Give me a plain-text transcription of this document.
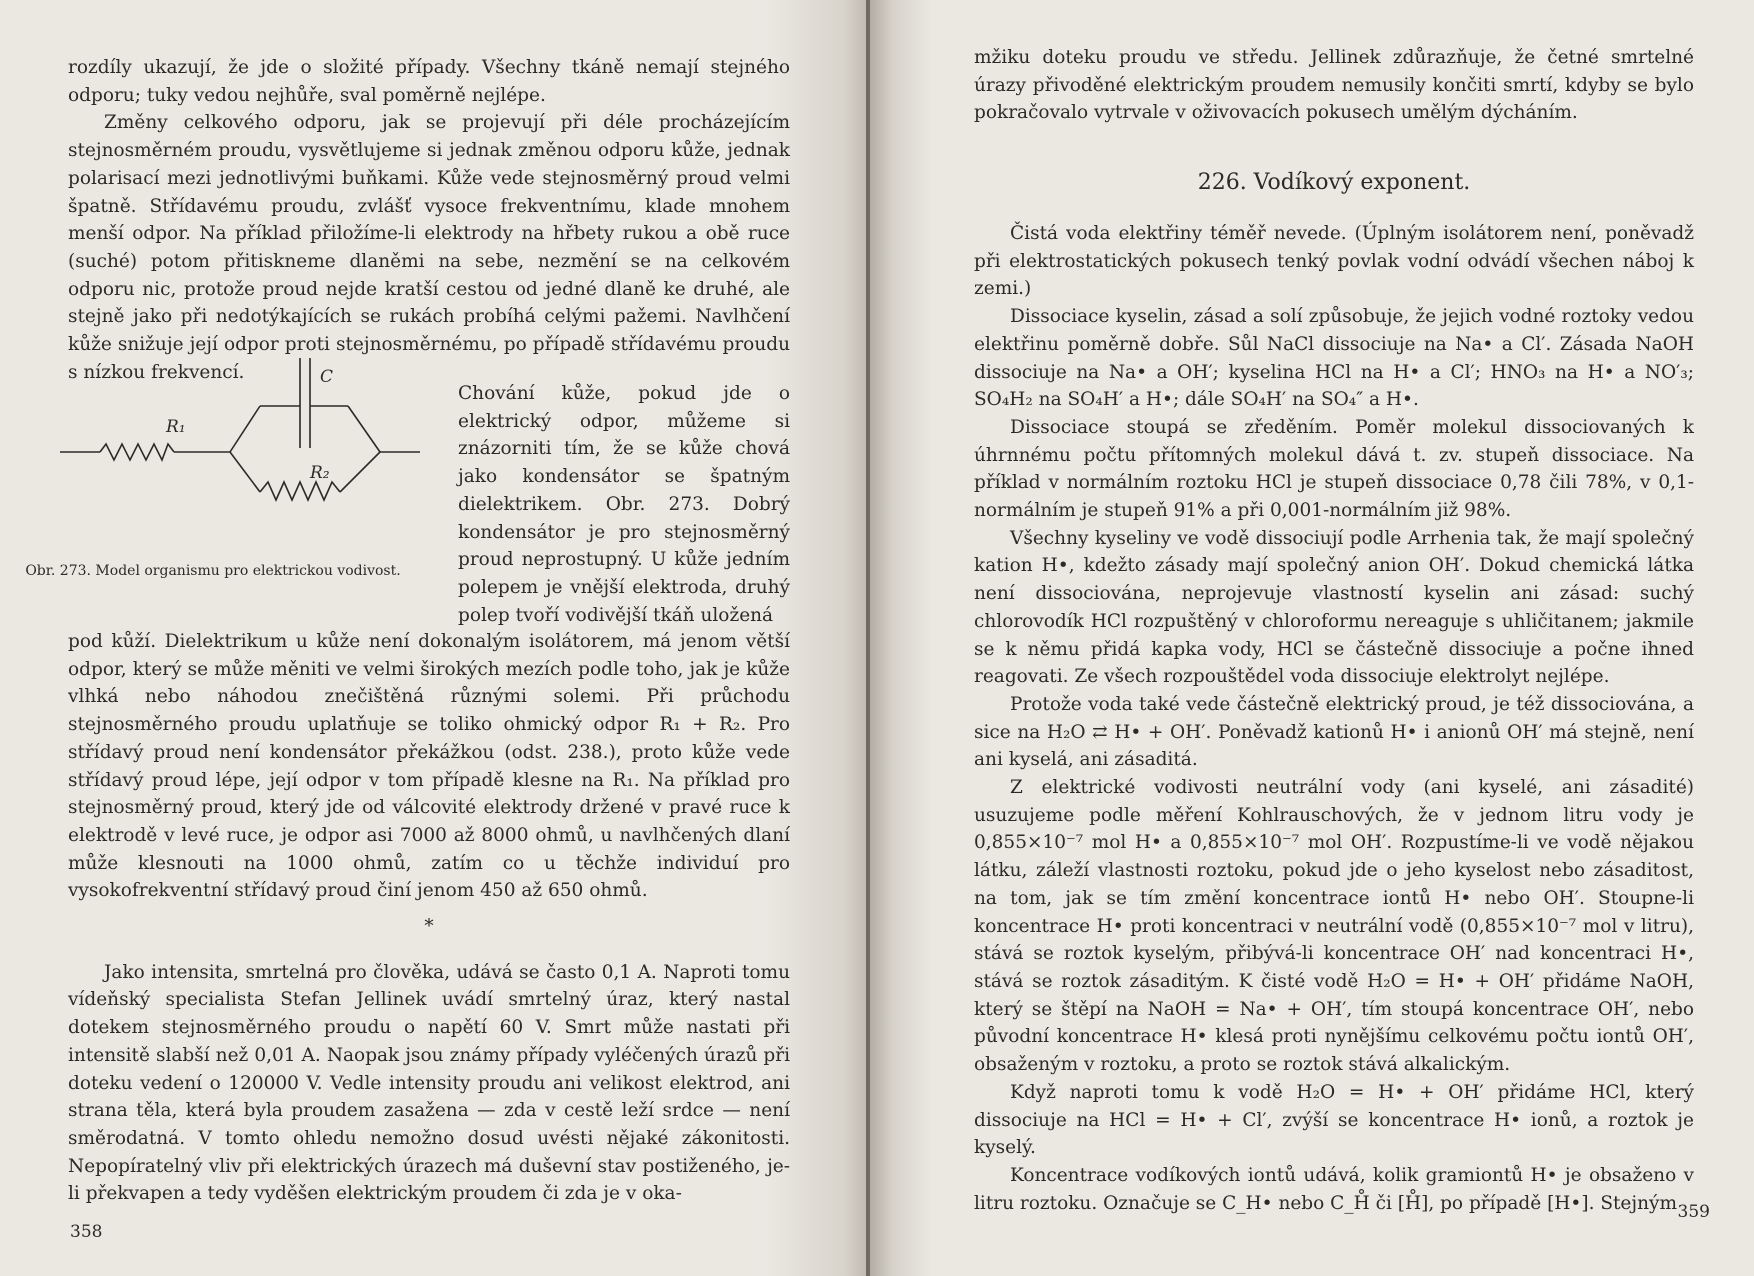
rozdíly ukazují, že jde o složité případy. Všechny tkáně nemají stejného odporu; tuky vedou nejhůře, sval poměrně nejlépe.

Změny celkového odporu, jak se projevují při déle procházejícím stejnosměrném proudu, vysvětlujeme si jednak změnou odporu kůže, jednak polarisací mezi jednotlivými buňkami. Kůže vede stejnosměrný proud velmi špatně. Střídavému proudu, zvlášť vysoce frekventnímu, klade mnohem menší odpor. Na příklad přiložíme-li elektrody na hřbety rukou a obě ruce (suché) potom přitiskneme dlaněmi na sebe, nezmění se na celkovém odporu nic, protože proud nejde kratší cestou od jedné dlaně ke druhé, ale stejně jako při nedotýkajících se rukách probíhá celými pažemi. Navlhčení kůže snižuje její odpor proti stejnosměrnému, po případě střídavému proudu s nízkou frekvencí.	C
R₁
R₂
Obr. 273. Model organismu pro elektrickou vodivost.
Chování kůže, pokud jde o elektrický odpor, můžeme si znázorniti tím, že se kůže chová jako kondensátor se špatným dielektrikem. Obr. 273. Dobrý kondensátor je pro stejnosměrný proud neprostupný. U kůže jedním polepem je vnější elektroda, druhý polep tvoří vodivější tkáň uložená

pod kůží. Dielektrikum u kůže není dokonalým isolátorem, má jenom větší odpor, který se může měniti ve velmi širokých mezích podle toho, jak je kůže vlhká nebo náhodou znečištěná různými solemi. Při průchodu stejnosměrného proudu uplatňuje se toliko ohmický odpor R₁ + R₂. Pro střídavý proud není kondensátor překážkou (odst. 238.), proto kůže vede střídavý proud lépe, její odpor v tom případě klesne na R₁. Na příklad pro stejnosměrný proud, který jde od válcovité elektrody držené v pravé ruce k elektrodě v levé ruce, je odpor asi 7000 až 8000 ohmů, u navlhčených dlaní může klesnouti na 1000 ohmů, zatím co u těchže individuí pro vysokofrekventní střídavý proud činí jenom 450 až 650 ohmů.

*

Jako intensita, smrtelná pro člověka, udává se často 0,1 A. Naproti tomu vídeňský specialista Stefan Jellinek uvádí smrtelný úraz, který nastal dotekem stejnosměrného proudu o napětí 60 V. Smrt může nastati při intensitě slabší než 0,01 A. Naopak jsou známy případy vyléčených úrazů při doteku vedení o 120000 V. Vedle intensity proudu ani velikost elektrod, ani strana těla, která byla proudem zasažena — zda v cestě leží srdce — není směrodatná. V tomto ohledu nemožno dosud uvésti nějaké zákonitosti. Nepopíratelný vliv při elektrických úrazech má duševní stav postiženého, je-li překvapen a tedy vyděšen elektrickým proudem či zda je v oka-

358

mžiku doteku proudu ve středu. Jellinek zdůrazňuje, že četné smrtelné úrazy přivoděné elektrickým proudem nemusily končiti smrtí, kdyby se bylo pokračovalo vytrvale v oživovacích pokusech umělým dýcháním.

226. Vodíkový exponent.

Čistá voda elektřiny téměř nevede. (Úplným isolátorem není, poněvadž při elektrostatických pokusech tenký povlak vodní odvádí všechen náboj k zemi.)

Dissociace kyselin, zásad a solí způsobuje, že jejich vodné roztoky vedou elektřinu poměrně dobře. Sůl NaCl dissociuje na Na• a Cl′. Zásada NaOH dissociuje na Na• a OH′; kyselina HCl na H• a Cl′; HNO₃ na H• a NO′₃; SO₄H₂ na SO₄H′ a H•; dále SO₄H′ na SO₄″ a H•.

Dissociace stoupá se zředěním. Poměr molekul dissociovaných k úhrnnému počtu přítomných molekul dává t. zv. stupeň dissociace. Na příklad v normálním roztoku HCl je stupeň dissociace 0,78 čili 78%, v 0,1-normálním je stupeň 91% a při 0,001-normálním již 98%.

Všechny kyseliny ve vodě dissociují podle Arrhenia tak, že mají společný kation H•, kdežto zásady mají společný anion OH′. Dokud chemická látka není dissociována, neprojevuje vlastností kyselin ani zásad: suchý chlorovodík HCl rozpuštěný v chloroformu nereaguje s uhličitanem; jakmile se k němu přidá kapka vody, HCl se částečně dissociuje a počne ihned reagovati. Ze všech rozpouštědel voda dissociuje elektrolyt nejlépe.

Protože voda také vede částečně elektrický proud, je též dissociována, a sice na H₂O ⇄ H• + OH′. Poněvadž kationů H• i anionů OH′ má stejně, není ani kyselá, ani zásaditá.

Z elektrické vodivosti neutrální vody (ani kyselé, ani zásadité) usuzujeme podle měření Kohlrauschových, že v jednom litru vody je 0,855×10⁻⁷ mol H• a 0,855×10⁻⁷ mol OH′. Rozpustíme-li ve vodě nějakou látku, záleží vlastnosti roztoku, pokud jde o jeho kyselost nebo zásaditost, na tom, jak se tím změní koncentrace iontů H• nebo OH′. Stoupne-li koncentrace H• proti koncentraci v neutrální vodě (0,855×10⁻⁷ mol v litru), stává se roztok kyselým, přibývá-li koncentrace OH′ nad koncentraci H•, stává se roztok zásaditým. K čisté vodě H₂O = H• + OH′ přidáme NaOH, který se štěpí na NaOH = Na• + OH′, tím stoupá koncentrace OH′, nebo původní koncentrace H• klesá proti nynějšímu celkovému počtu iontů OH′, obsaženým v roztoku, a proto se roztok stává alkalickým.

Když naproti tomu k vodě H₂O = H• + OH′ přidáme HCl, který dissociuje na HCl = H• + Cl′, zvýší se koncentrace H• ionů, a roztok je kyselý.

Koncentrace vodíkových iontů udává, kolik gramiontů H• je obsaženo v litru roztoku. Označuje se C_H• nebo C_H̊ či [H̊], po případě [H•]. Stejným 359
